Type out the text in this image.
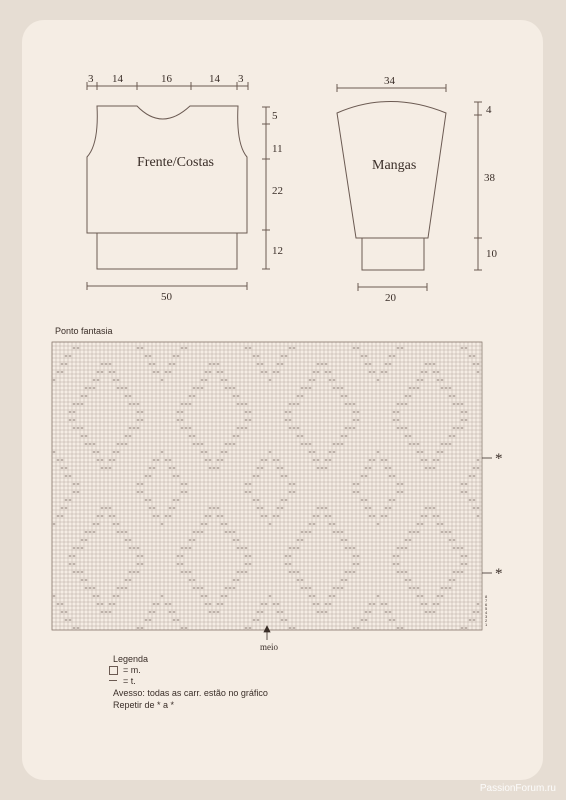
3 14	16	14 3
Frente/Costas
5
11
22
12
50
34
Mangas
4
38
10
20
Ponto fantasia
*
*
meio
8
7
6
5
4
3
2
1
Legenda
= m.
= t.
Avesso: todas as carr. estão no gráfico
Repetir de * a *
PassionForum.ru
